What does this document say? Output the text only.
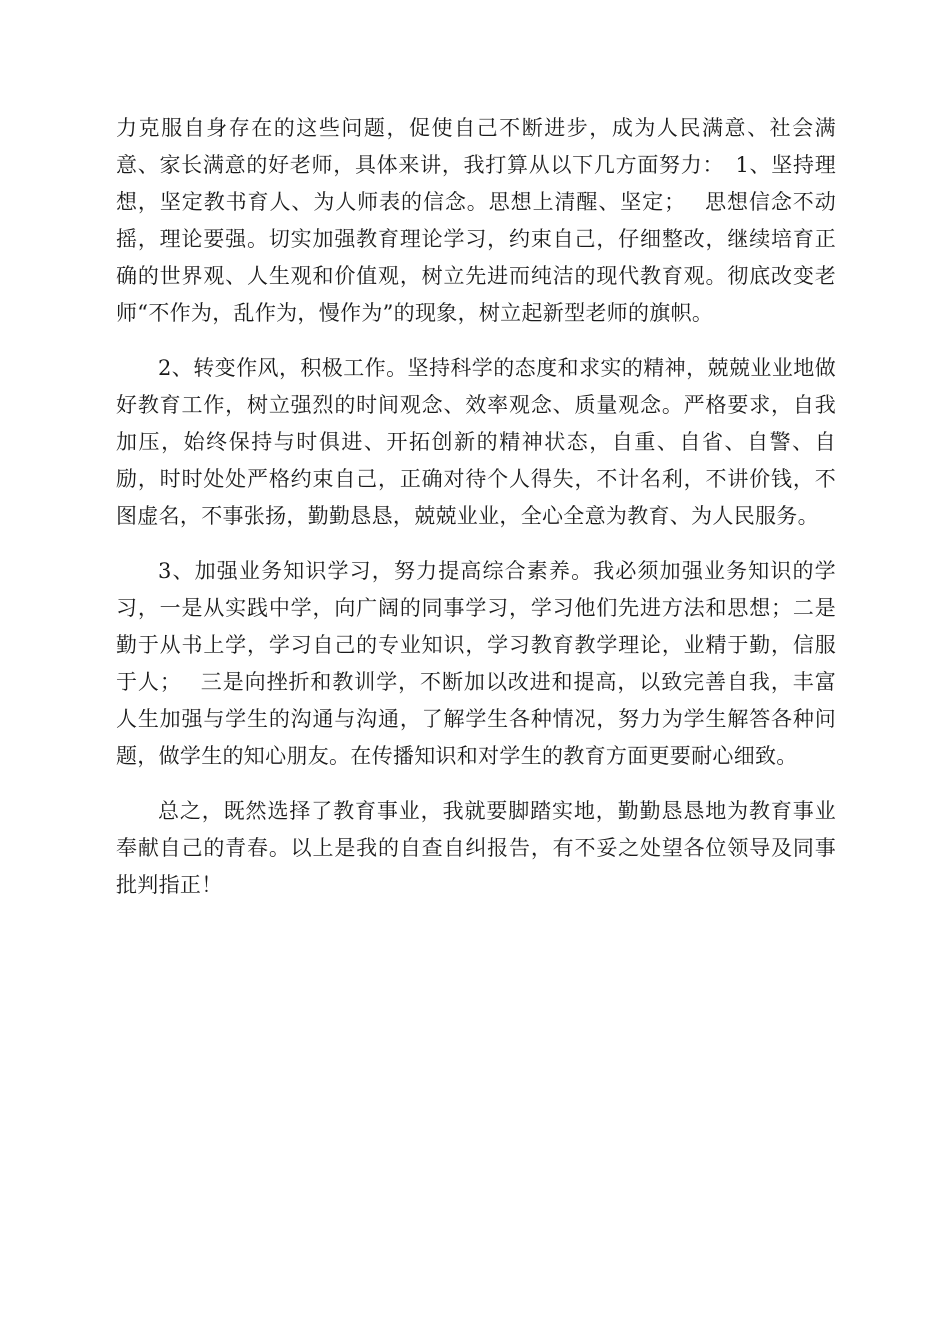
力克服自身存在的这些问题，促使自己不断进步，成为人民满意、社会满意、家长满意的好老师，具体来讲，我打算从以下几方面努力：　1、坚持理想，坚定教书育人、为人师表的信念。思想上清醒、坚定；　 思想信念不动摇，理论要强。切实加强教育理论学习，约束自己，仔细整改，继续培育正确的世界观、人生观和价值观，树立先进而纯洁的现代教育观。彻底改变老师“不作为，乱作为，慢作为”的现象，树立起新型老师的旗帜。

2、转变作风，积极工作。坚持科学的态度和求实的精神，兢兢业业地做好教育工作，树立强烈的时间观念、效率观念、质量观念。严格要求，自我加压，始终保持与时俱进、开拓创新的精神状态，自重、自省、自警、自励，时时处处严格约束自己，正确对待个人得失，不计名利，不讲价钱，不图虚名，不事张扬，勤勤恳恳，兢兢业业，全心全意为教育、为人民服务。

3、加强业务知识学习，努力提高综合素养。我必须加强业务知识的学习，一是从实践中学，向广阔的同事学习，学习他们先进方法和思想；二是勤于从书上学，学习自己的专业知识，学习教育教学理论，业精于勤，信服于人；　 三是向挫折和教训学，不断加以改进和提高，以致完善自我，丰富人生加强与学生的沟通与沟通，了解学生各种情况，努力为学生解答各种问题，做学生的知心朋友。在传播知识和对学生的教育方面更要耐心细致。

总之，既然选择了教育事业，我就要脚踏实地，勤勤恳恳地为教育事业奉献自己的青春。以上是我的自查自纠报告，有不妥之处望各位领导及同事批判指正！
